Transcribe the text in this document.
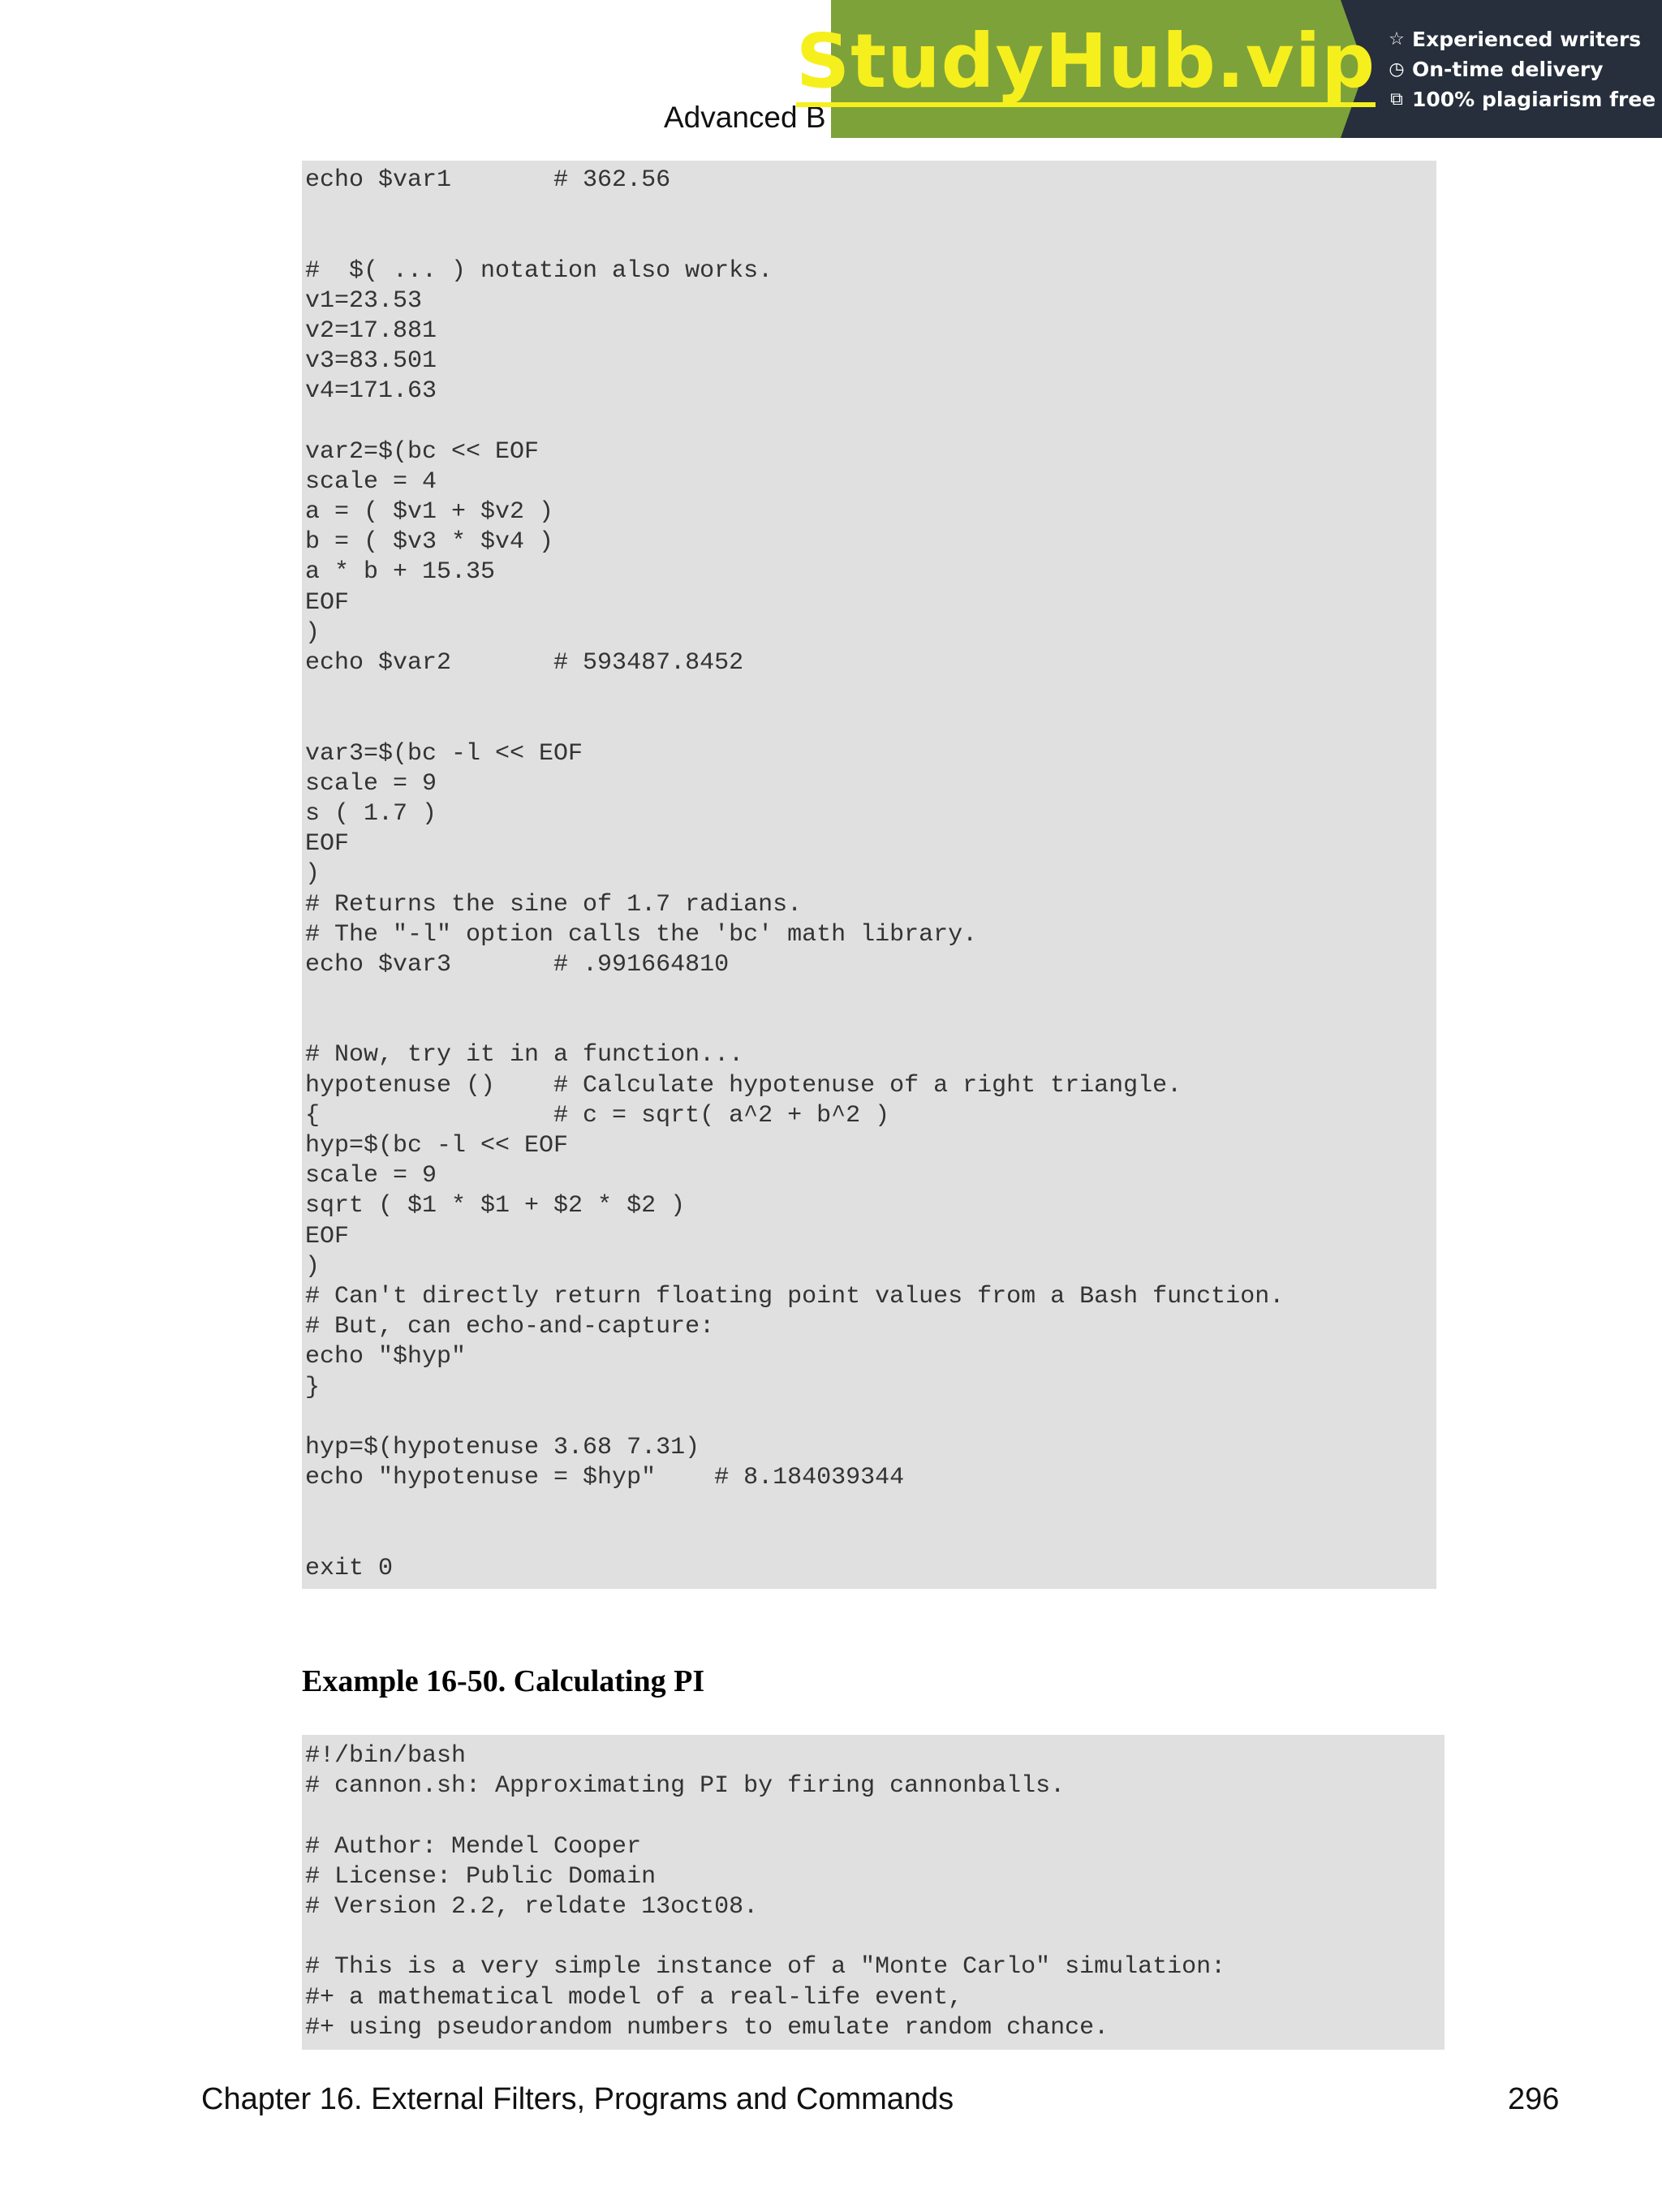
Advanced B
StudyHub.vip ☆ Experienced writers
◷ On-time delivery
⧉ 100% plagiarism free
echo $var1       # 362.56

#  $( ... ) notation also works.
v1=23.53
v2=17.881
v3=83.501
v4=171.63

var2=$(bc << EOF
scale = 4
a = ( $v1 + $v2 )
b = ( $v3 * $v4 )
a * b + 15.35
EOF
)
echo $var2       # 593487.8452

var3=$(bc -l << EOF
scale = 9
s ( 1.7 )
EOF
)
# Returns the sine of 1.7 radians.
# The "-l" option calls the 'bc' math library.
echo $var3       # .991664810

# Now, try it in a function...
hypotenuse ()    # Calculate hypotenuse of a right triangle.
{                # c = sqrt( a^2 + b^2 )
hyp=$(bc -l << EOF
scale = 9
sqrt ( $1 * $1 + $2 * $2 )
EOF
)
# Can't directly return floating point values from a Bash function.
# But, can echo-and-capture:
echo "$hyp"
}

hyp=$(hypotenuse 3.68 7.31)
echo "hypotenuse = $hyp"    # 8.184039344

exit 0
Example 16-50. Calculating PI
#!/bin/bash
# cannon.sh: Approximating PI by firing cannonballs.

# Author: Mendel Cooper
# License: Public Domain
# Version 2.2, reldate 13oct08.

# This is a very simple instance of a "Monte Carlo" simulation:
#+ a mathematical model of a real-life event,
#+ using pseudorandom numbers to emulate random chance.
Chapter 16. External Filters, Programs and Commands	296
